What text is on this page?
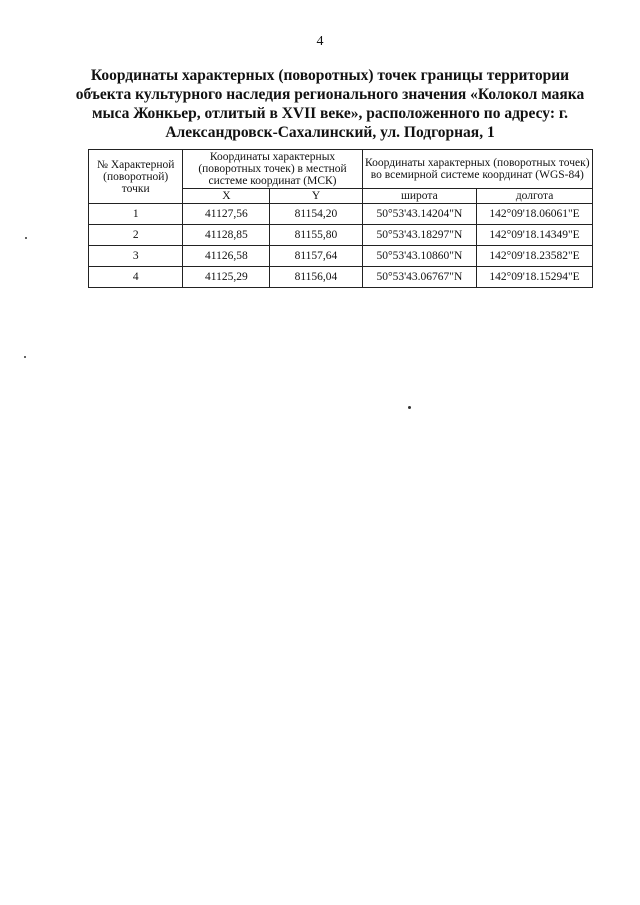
4
Координаты характерных (поворотных) точек границы территории
объекта культурного наследия регионального значения «Колокол маяка
мыса Жонкьер, отлитый в XVII веке», расположенного по адресу: г.
Александровск-Сахалинский, ул. Подгорная, 1
№ Характерной (поворотной) точки	Координаты характерных (поворотных точек) в местной системе координат (МСК)		Координаты характерных (поворотных точек) во всемирной системе координат (WGS-84)	
	X	Y	широта	долгота
1	41127,56	81154,20	50°53'43.14204"N	142°09'18.06061"E
2	41128,85	81155,80	50°53'43.18297"N	142°09'18.14349"E
3	41126,58	81157,64	50°53'43.10860"N	142°09'18.23582"E
4	41125,29	81156,04	50°53'43.06767"N	142°09'18.15294"E
